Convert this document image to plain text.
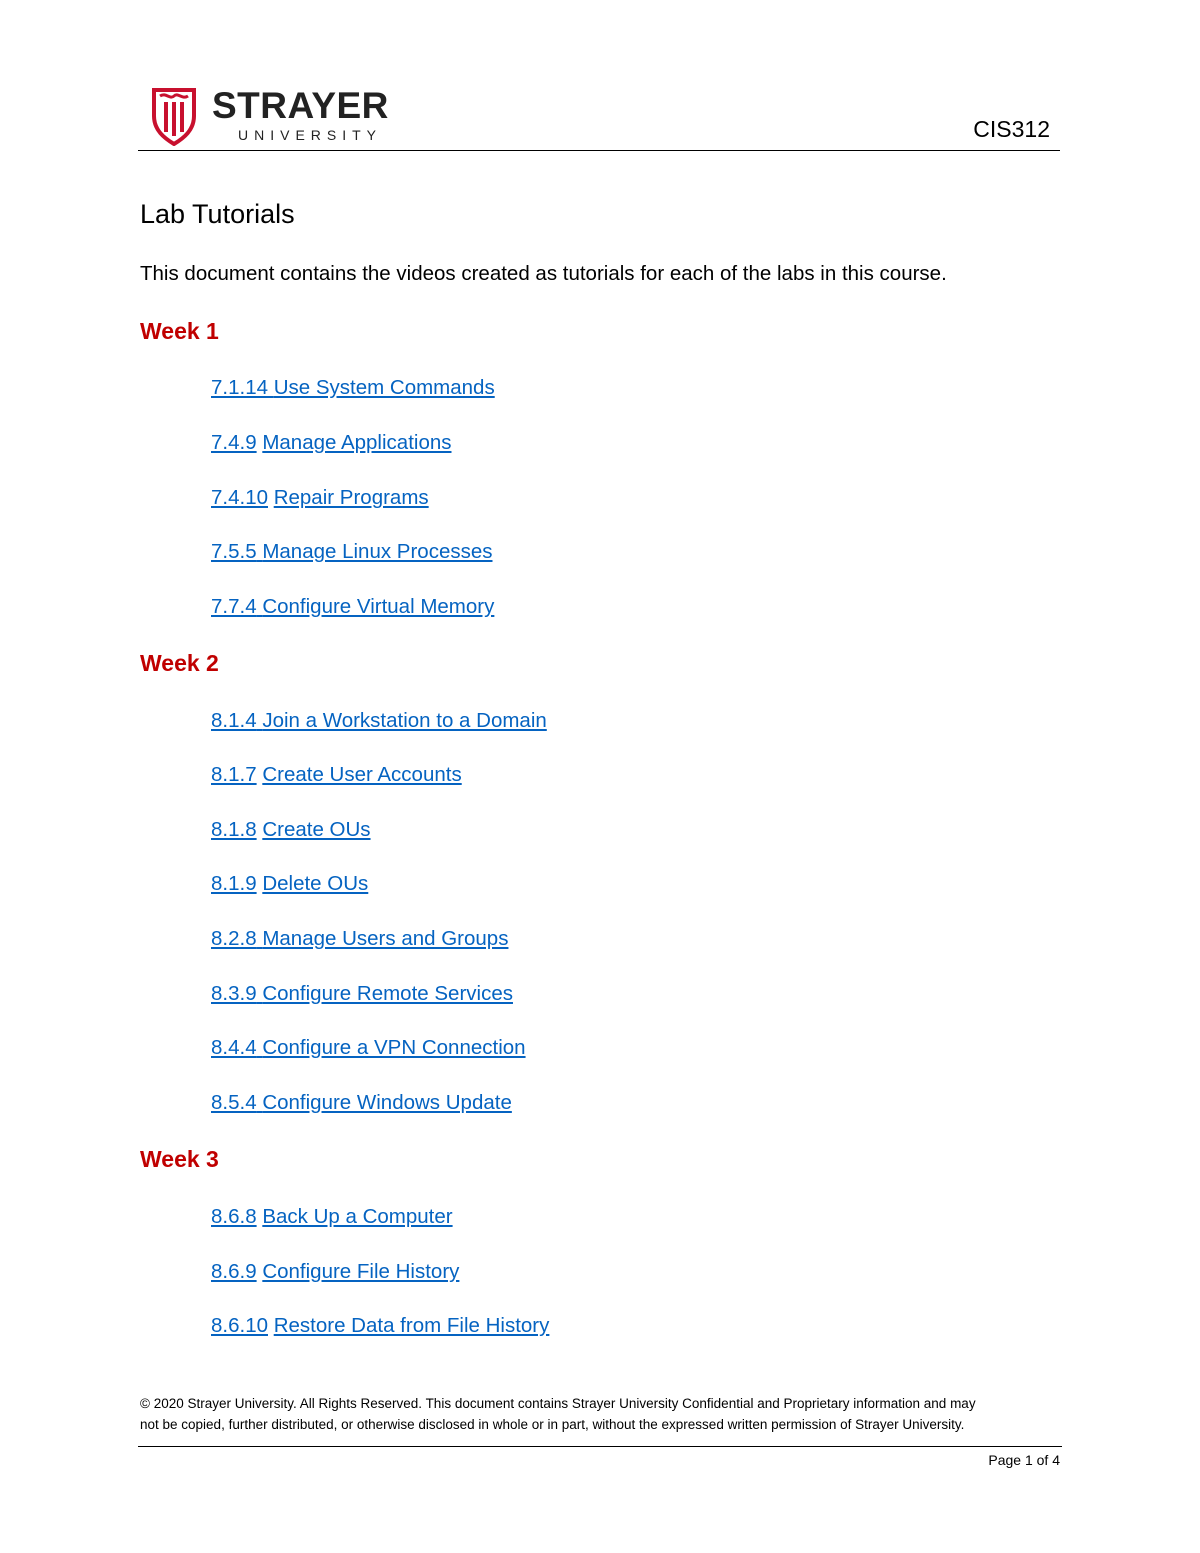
STRAYER
UNIVERSITY	CIS312
Lab Tutorials
This document contains the videos created as tutorials for each of the labs in this course.
Week 1
7.1.14 Use System Commands
7.4.9 Manage Applications
7.4.10 Repair Programs
7.5.5 Manage Linux Processes
7.7.4 Configure Virtual Memory
Week 2
8.1.4 Join a Workstation to a Domain
8.1.7 Create User Accounts
8.1.8 Create OUs
8.1.9 Delete OUs
8.2.8 Manage Users and Groups
8.3.9 Configure Remote Services
8.4.4 Configure a VPN Connection
8.5.4 Configure Windows Update
Week 3
8.6.8 Back Up a Computer
8.6.9 Configure File History
8.6.10 Restore Data from File History
© 2020 Strayer University. All Rights Reserved. This document contains Strayer University Confidential and Proprietary information and may
not be copied, further distributed, or otherwise disclosed in whole or in part, without the expressed written permission of Strayer University.
Page 1 of 4
